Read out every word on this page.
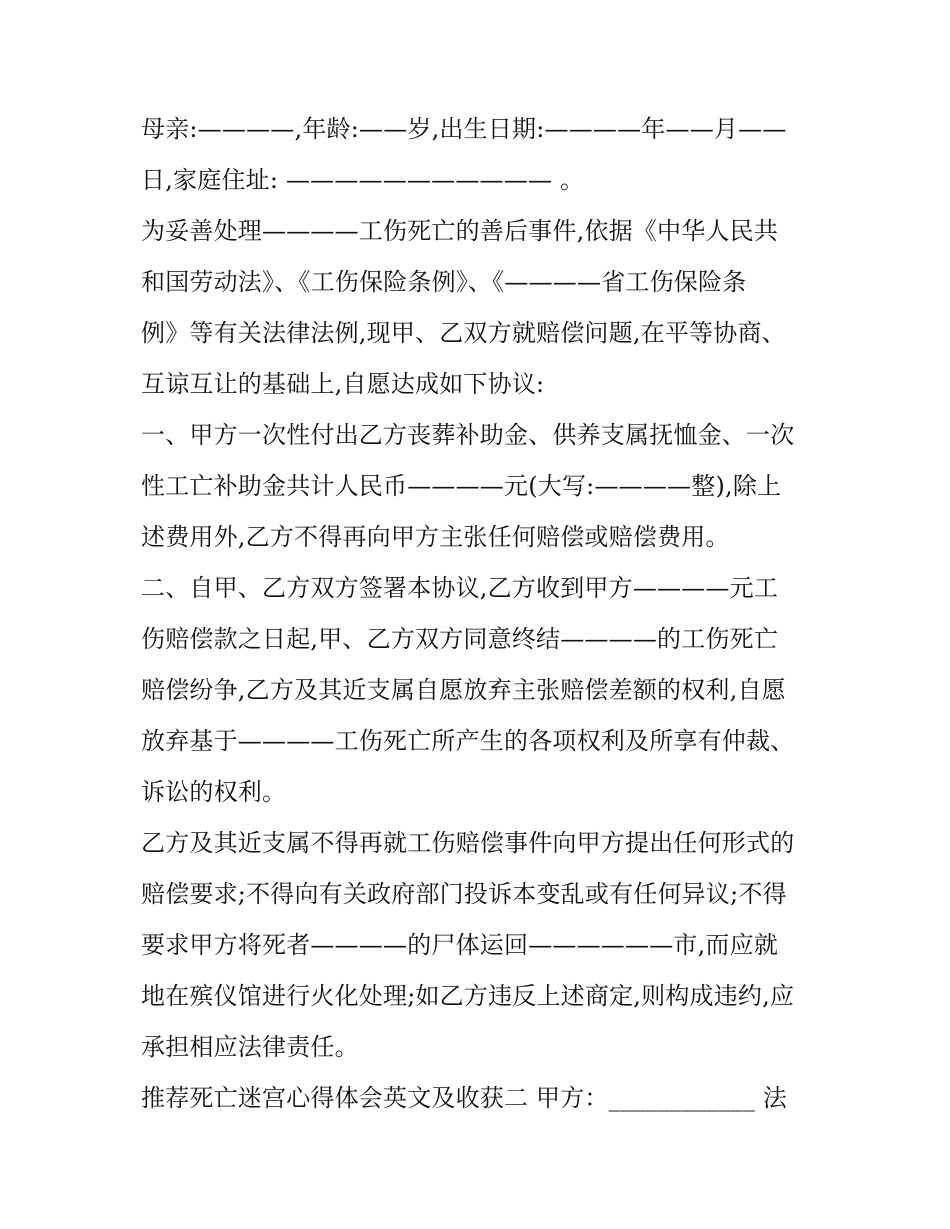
母亲:————,年龄:——岁,出生日期:————年——月——
日,家庭住址: ——————————— 。
为妥善处理————工伤死亡的善后事件,依据《中华人民共
和国劳动法》、《工伤保险条例》、《————省工伤保险条
例》等有关法律法例,现甲、乙双方就赔偿问题,在平等协商、
互谅互让的基础上,自愿达成如下协议:
一、甲方一次性付出乙方丧葬补助金、供养支属抚恤金、一次
性工亡补助金共计人民币————元(大写:————整),除上
述费用外,乙方不得再向甲方主张任何赔偿或赔偿费用。
二、自甲、乙方双方签署本协议,乙方收到甲方————元工
伤赔偿款之日起,甲、乙方双方同意终结————的工伤死亡
赔偿纷争,乙方及其近支属自愿放弃主张赔偿差额的权利,自愿
放弃基于————工伤死亡所产生的各项权利及所享有仲裁、
诉讼的权利。
乙方及其近支属不得再就工伤赔偿事件向甲方提出任何形式的
赔偿要求;不得向有关政府部门投诉本变乱或有任何异议;不得
要求甲方将死者————的尸体运回——————市,而应就
地在殡仪馆进行火化处理;如乙方违反上述商定,则构成违约,应
承担相应法律责任。
推荐死亡迷宫心得体会英文及收获二 甲方：____________ 法
